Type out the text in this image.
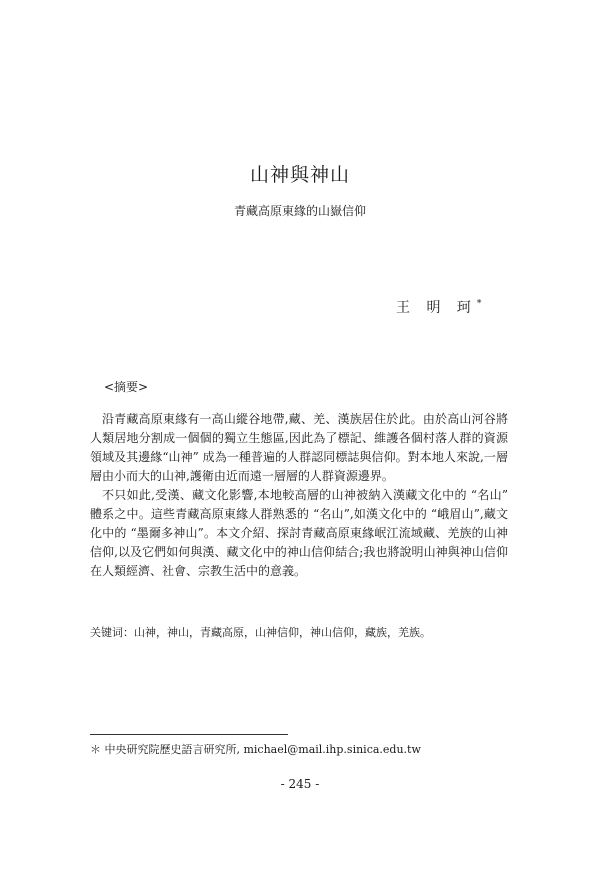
山神與神山
青藏高原東緣的山嶽信仰
王 明 珂*
<摘要>

沿青藏高原東緣有一高山縱谷地帶,藏、羌、漢族居住於此。由於高山河谷將人類居地分割成一個個的獨立生態區,因此為了標記、維護各個村落人群的資源領域及其邊緣“山神” 成為一種普遍的人群認同標誌與信仰。對本地人來說,一層層由小而大的山神,護衛由近而遠一層層的人群資源邊界。

不只如此,受漢、藏文化影響,本地較高層的山神被納入漢藏文化中的 “名山” 體系之中。這些青藏高原東緣人群熟悉的 “名山”,如漢文化中的 “峨眉山”,藏文化中的 “墨爾多神山”。本文介紹、探討青藏高原東緣岷江流域藏、羌族的山神信仰,以及它們如何與漢、藏文化中的神山信仰結合;我也將說明山神與神山信仰在人類經濟、社會、宗教生活中的意義。

关键词：山神，神山，青藏高原，山神信仰，神山信仰，藏族，羌族。
＊ 中央研究院歷史語言研究所, michael@mail.ihp.sinica.edu.tw
- 245 -
